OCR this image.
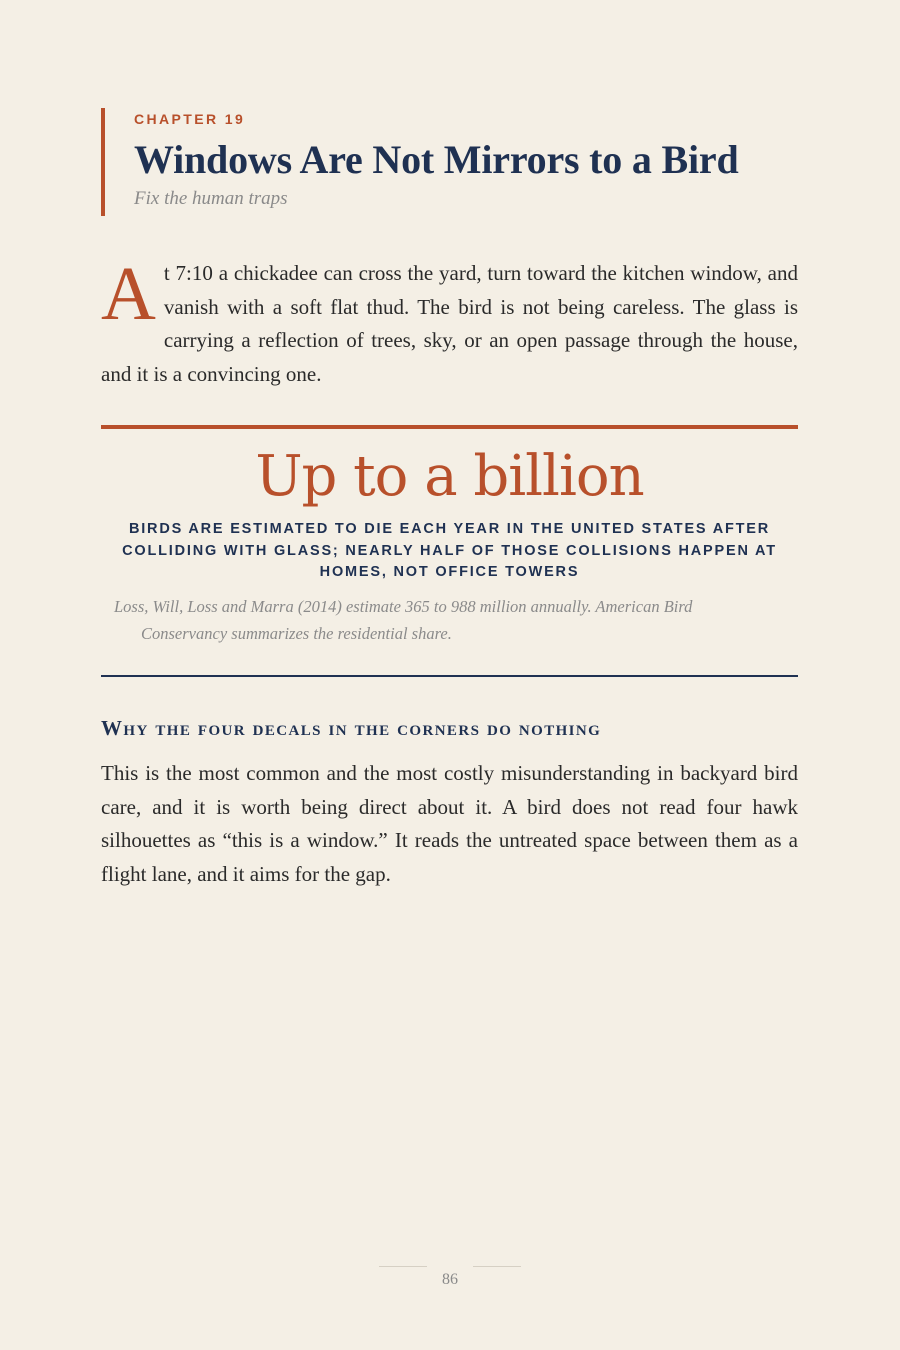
CHAPTER 19
Windows Are Not Mirrors to a Bird
Fix the human traps

At 7:10 a chickadee can cross the yard, turn toward the kitchen window, and vanish with a soft flat thud. The bird is not being careless. The glass is carrying a reflection of trees, sky, or an open passage through the house, and it is a convincing one.

Up to a billion
BIRDS ARE ESTIMATED TO DIE EACH YEAR IN THE UNITED STATES AFTER COLLIDING WITH GLASS; NEARLY HALF OF THOSE COLLISIONS HAPPEN AT HOMES, NOT OFFICE TOWERS
Loss, Will, Loss and Marra (2014) estimate 365 to 988 million annually. American Bird Conservancy summarizes the residential share.
Why the four decals in the corners do nothing

This is the most common and the most costly misunderstanding in backyard bird care, and it is worth being direct about it. A bird does not read four hawk silhouettes as “this is a window.” It reads the untreated space between them as a flight lane, and it aims for the gap.

86
